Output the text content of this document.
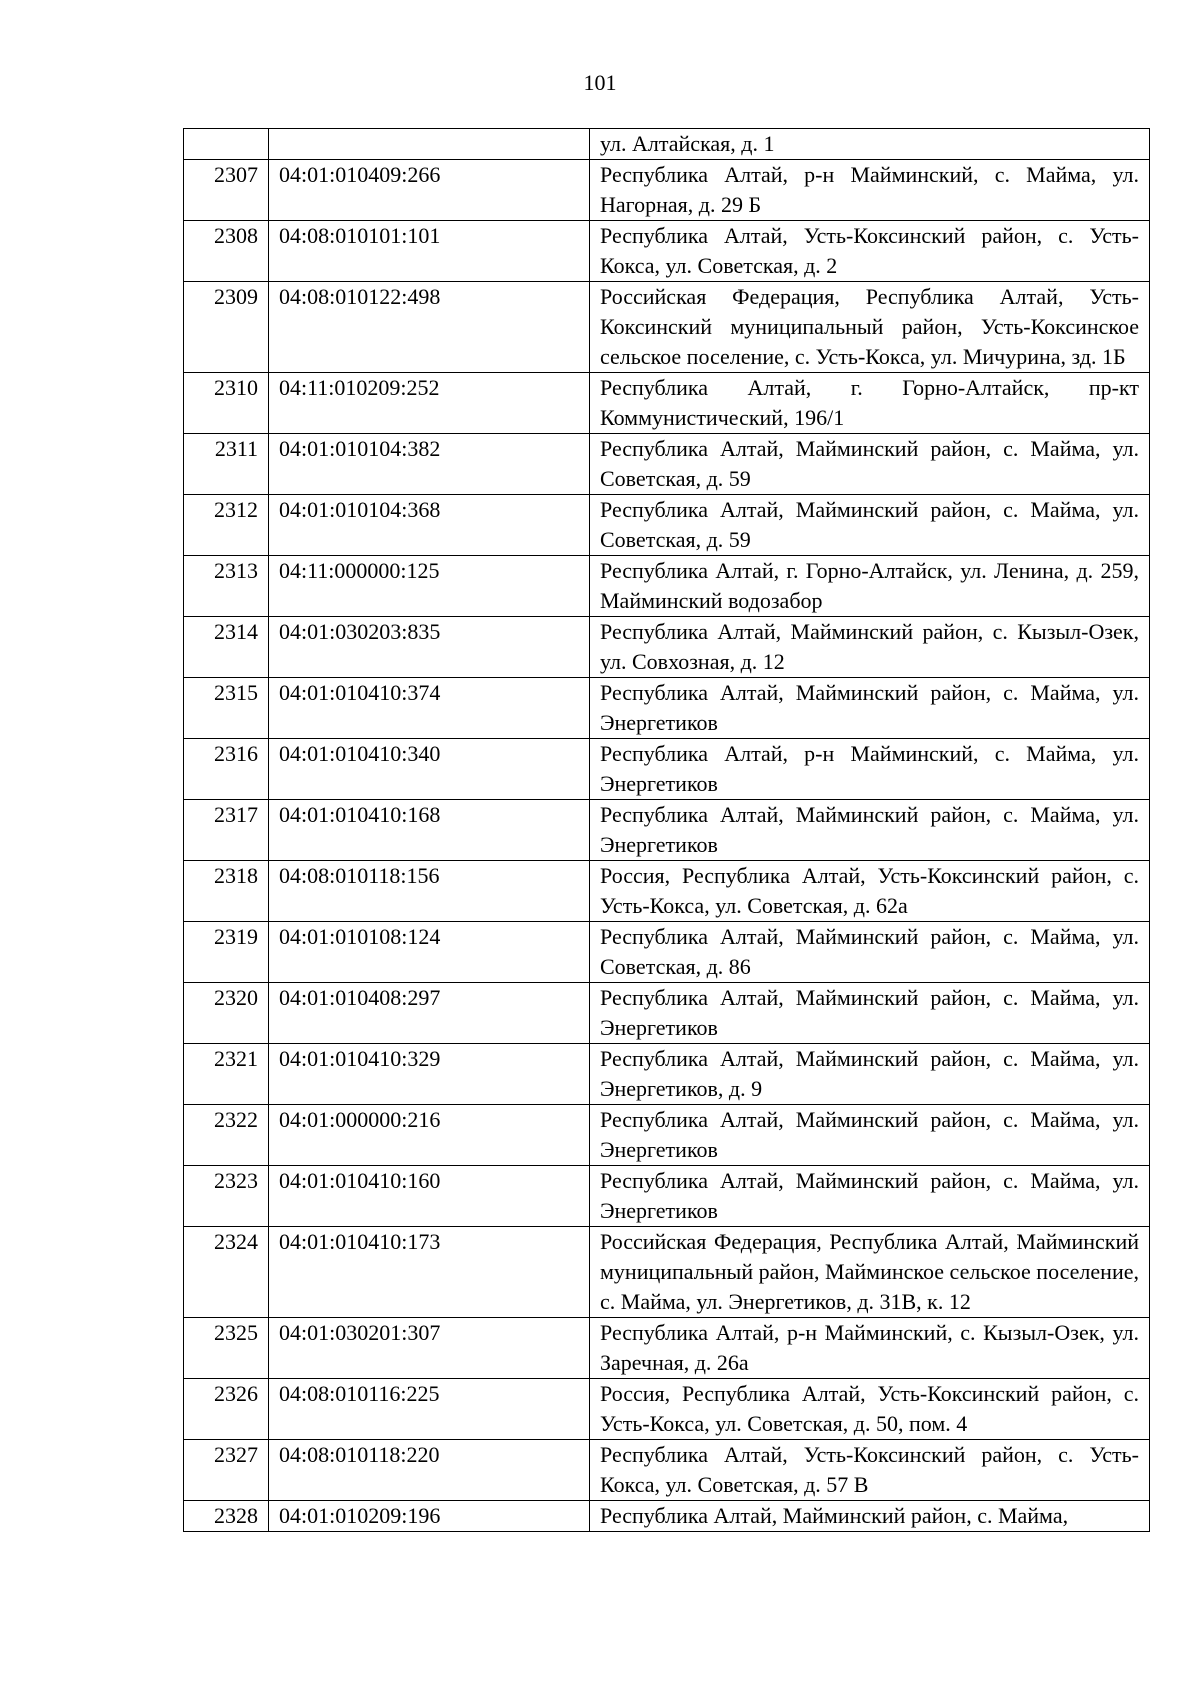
101
		ул. Алтайская, д. 1
2307	04:01:010409:266	Республика Алтай, р-н Майминский, с. Майма, ул. Нагорная, д. 29 Б
2308	04:08:010101:101	Республика Алтай, Усть-Коксинский район, с. Усть-Кокса, ул. Советская, д. 2
2309	04:08:010122:498	Российская Федерация, Республика Алтай, Усть-Коксинский муниципальный район, Усть-Коксинское сельское поселение, с. Усть-Кокса, ул. Мичурина, зд. 1Б
2310	04:11:010209:252	Республика Алтай, г. Горно-Алтайск, пр-кт Коммунистический, 196/1
2311	04:01:010104:382	Республика Алтай, Майминский район, с. Майма, ул. Советская, д. 59
2312	04:01:010104:368	Республика Алтай, Майминский район, с. Майма, ул. Советская, д. 59
2313	04:11:000000:125	Республика Алтай, г. Горно-Алтайск, ул. Ленина, д. 259, Майминский водозабор
2314	04:01:030203:835	Республика Алтай, Майминский район, с. Кызыл-Озек, ул. Совхозная, д. 12
2315	04:01:010410:374	Республика Алтай, Майминский район, с. Майма, ул. Энергетиков
2316	04:01:010410:340	Республика Алтай, р-н Майминский, с. Майма, ул. Энергетиков
2317	04:01:010410:168	Республика Алтай, Майминский район, с. Майма, ул. Энергетиков
2318	04:08:010118:156	Россия, Республика Алтай, Усть-Коксинский район, с. Усть-Кокса, ул. Советская, д. 62а
2319	04:01:010108:124	Республика Алтай, Майминский район, с. Майма, ул. Советская, д. 86
2320	04:01:010408:297	Республика Алтай, Майминский район, с. Майма, ул. Энергетиков
2321	04:01:010410:329	Республика Алтай, Майминский район, с. Майма, ул. Энергетиков, д. 9
2322	04:01:000000:216	Республика Алтай, Майминский район, с. Майма, ул. Энергетиков
2323	04:01:010410:160	Республика Алтай, Майминский район, с. Майма, ул. Энергетиков
2324	04:01:010410:173	Российская Федерация, Республика Алтай, Майминский муниципальный район, Майминское сельское поселение, с. Майма, ул. Энергетиков, д. 31В, к. 12
2325	04:01:030201:307	Республика Алтай, р-н Майминский, с. Кызыл-Озек, ул. Заречная, д. 26а
2326	04:08:010116:225	Россия, Республика Алтай, Усть-Коксинский район, с. Усть-Кокса, ул. Советская, д. 50, пом. 4
2327	04:08:010118:220	Республика Алтай, Усть-Коксинский район, с. Усть-Кокса, ул. Советская, д. 57 В
2328	04:01:010209:196	Республика Алтай, Майминский район, с. Майма,
